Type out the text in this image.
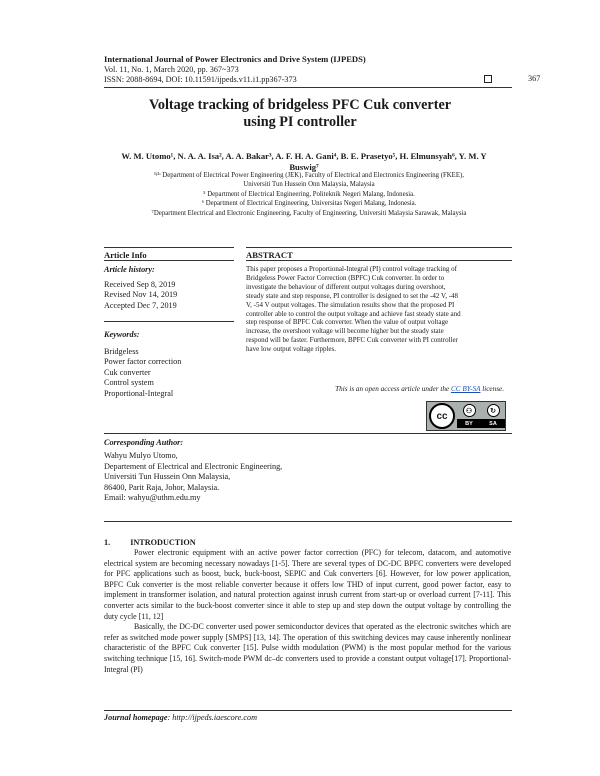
International Journal of Power Electronics and Drive System (IJPEDS)
Vol. 11, No. 1, March 2020, pp. 367~373
ISSN: 2088-8694, DOI: 10.11591/ijpeds.v11.i1.pp367-373	367
Voltage tracking of bridgeless PFC Cuk converter
using PI controller
W. M. Utomo¹, N. A. A. Isa², A. A. Bakar³, A. F. H. A. Gani⁴, B. E. Prasetyo⁵, H. Elmunsyah⁶, Y. M. Y
Buswig⁷
¹ʲ³ʴ Department of Electrical Power Engineering (JEK), Faculty of Electrical and Electronics Engineering (FKEE),
Universiti Tun Hussein Onn Malaysia, Malaysia
⁵ Department of Electrical Engineering, Politeknik Negeri Malang, Indonesia.
⁶ Department of Electrical Engineering, Universitas Negeri Malang, Indonesia.
⁷Department Electrical and Electronic Engineering, Faculty of Engineering, Universiti Malaysia Sarawak, Malaysia
Article Info	ABSTRACT
Article history:
Received Sep 8, 2019
Revised Nov 14, 2019
Accepted Dec 7, 2019
Keywords:
Bridgeless
Power factor correction
Cuk converter
Control system
Proportional-Integral
This paper proposes a Proportional-Integral (PI) control voltage tracking of
Bridgeless Power Factor Correction (BPFC) Cuk converter. In order to
investigate the behaviour of different output voltages during overshoot,
steady state and step response, PI controller is designed to set the -42 V, -48
V, -54 V output voltages. The simulation results show that the proposed PI
controller able to control the output voltage and achieve fast steady state and
step response of BPFC Cuk converter. When the value of output voltage
increase, the overshoot voltage will become higher but the steady state
respond will be faster. Furthermore, BPFC Cuk converter with PI controller
have low output voltage ripples.
This is an open access article under the CC BY-SA license.
cc	⚇	↻
BY	SA
Corresponding Author:
Wahyu Mulyo Utomo,
Departement of Electrical and Electronic Engineering,
Universiti Tun Hussein Onn Malaysia,
86400, Parit Raja, Johor, Malaysia.
Email: wahyu@uthm.edu.my
1. INTRODUCTION

Power electronic equipment with an active power factor correction (PFC) for telecom, datacom, and automotive electrical system are becoming necessary nowadays [1-5]. There are several types of DC-DC BPFC converters were developed for PFC applications such as boost, buck, buck-boost, SEPIC and Cuk converters [6]. However, for low power application, BPFC Cuk converter is the most reliable converter because it offers low THD of input current, good power factor, easy to implement in transformer isolation, and natural protection against inrush current from start-up or overload current [7-11]. This converter acts similar to the buck-boost converter since it able to step up and step down the output voltage by controlling the duty cycle [11, 12]

Basically, the DC-DC converter used power semiconductor devices that operated as the electronic switches which are refer as switched mode power supply [SMPS] [13, 14]. The operation of this switching devices may cause inherently nonlinear characteristic of the BPFC Cuk converter [15]. Pulse width modulation (PWM) is the most popular method for the various switching technique [15, 16]. Switch-mode PWM dc–dc converters used to provide a constant output voltage[17]. Proportional-Integral (PI)

Journal homepage: http://ijpeds.iaescore.com
